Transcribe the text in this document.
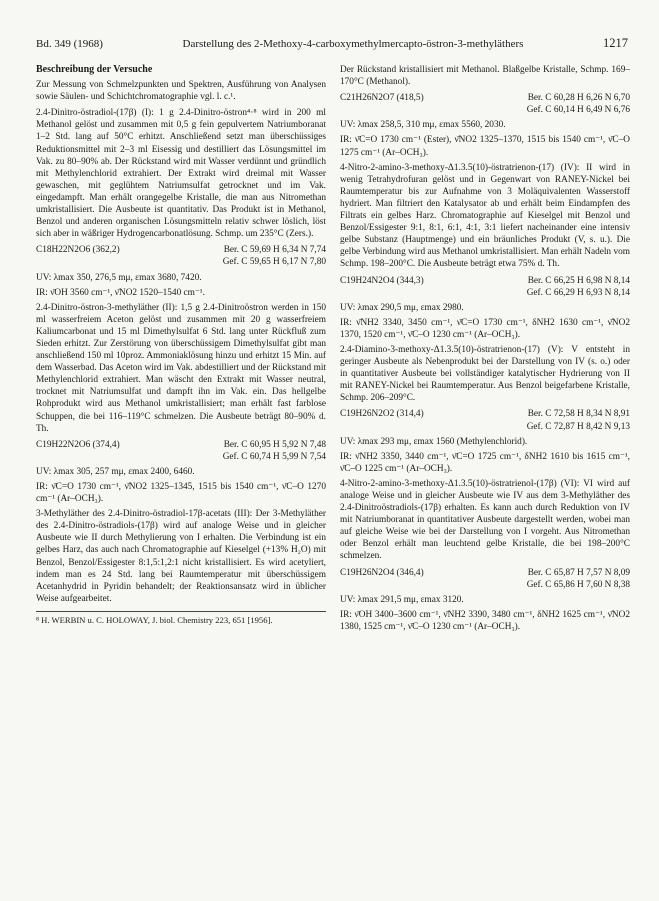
Bd. 349 (1968)	Darstellung des 2-Methoxy-4-carboxymethylmercapto-östron-3-methyläthers	1217
Beschreibung der Versuche

Zur Messung von Schmelzpunkten und Spektren, Ausführung von Analysen sowie Säulen- und Schichtchromatographie vgl. l. c.¹.

2.4-Dinitro-östradiol-(17β) (I): 1 g 2.4-Dinitro-östron⁴·⁸ wird in 200 ml Methanol gelöst und zusammen mit 0,5 g fein gepulvertem Natriumboranat 1–2 Std. lang auf 50°C erhitzt. Anschließend setzt man überschüssiges Reduktionsmittel mit 2–3 ml Eisessig und destilliert das Lösungsmittel im Vak. zu 80–90% ab. Der Rückstand wird mit Wasser verdünnt und gründlich mit Methylenchlorid extrahiert. Der Extrakt wird dreimal mit Wasser gewaschen, mit geglühtem Natriumsulfat getrocknet und im Vak. eingedampft. Man erhält orangegelbe Kristalle, die man aus Nitromethan umkristallisiert. Die Ausbeute ist quantitativ. Das Produkt ist in Methanol, Benzol und anderen organischen Lösungsmitteln relativ schwer löslich, löst sich aber in wäßriger Hydrogencarbonatlösung. Schmp. um 235°C (Zers.).

C18H22N2O6 (362,2)	Ber. C 59,69 H 6,34 N 7,74
Gef. C 59,65 H 6,17 N 7,80
UV: λmax 350, 276,5 mμ, εmax 3680, 7420.
IR: ν̄OH 3560 cm⁻¹, ν̄NO2 1520–1540 cm⁻¹.

2.4-Dinitro-östron-3-methyläther (II): 1,5 g 2.4-Dinitroöstron werden in 150 ml wasserfreiem Aceton gelöst und zusammen mit 20 g wasserfreiem Kaliumcarbonat und 15 ml Dimethylsulfat 6 Std. lang unter Rückfluß zum Sieden erhitzt. Zur Zerstörung von überschüssigem Dimethylsulfat gibt man anschließend 150 ml 10proz. Ammoniaklösung hinzu und erhitzt 15 Min. auf dem Wasserbad. Das Aceton wird im Vak. abdestilliert und der Rückstand mit Methylenchlorid extrahiert. Man wäscht den Extrakt mit Wasser neutral, trocknet mit Natriumsulfat und dampft ihn im Vak. ein. Das hellgelbe Rohprodukt wird aus Methanol umkristallisiert; man erhält fast farblose Schuppen, die bei 116–119°C schmelzen. Die Ausbeute beträgt 80–90% d. Th.

C19H22N2O6 (374,4)	Ber. C 60,95 H 5,92 N 7,48
Gef. C 60,74 H 5,99 N 7,54
UV: λmax 305, 257 mμ, εmax 2400, 6460.
IR: ν̄C=O 1730 cm⁻¹, ν̄NO2 1325–1345, 1515 bis 1540 cm⁻¹, ν̄C–O 1270 cm⁻¹ (Ar–OCH₃).

3-Methyläther des 2.4-Dinitro-östradiol-17β-acetats (III): Der 3-Methyläther des 2.4-Dinitro-östradiols-(17β) wird auf analoge Weise und in gleicher Ausbeute wie II durch Methylierung von I erhalten. Die Verbindung ist ein gelbes Harz, das auch nach Chromatographie auf Kieselgel (+13% H₂O) mit Benzol, Benzol/Essigester 8:1,5:1,2:1 nicht kristallisiert. Es wird acetyliert, indem man es 24 Std. lang bei Raumtemperatur mit überschüssigem Acetanhydrid in Pyridin behandelt; der Reaktionsansatz wird in üblicher Weise aufgearbeitet.

⁸ H. WERBIN u. C. HOLOWAY, J. biol. Chemistry 223, 651 [1956].

Der Rückstand kristallisiert mit Methanol. Blaßgelbe Kristalle, Schmp. 169–170°C (Methanol).

C21H26N2O7 (418,5)	Ber. C 60,28 H 6,26 N 6,70
Gef. C 60,14 H 6,49 N 6,76
UV: λmax 258,5, 310 mμ, εmax 5560, 2030.
IR: ν̄C=O 1730 cm⁻¹ (Ester), ν̄NO2 1325–1370, 1515 bis 1540 cm⁻¹, ν̄C–O 1275 cm⁻¹ (Ar–OCH₃).

4-Nitro-2-amino-3-methoxy-Δ1.3.5(10)-östratrienon-(17) (IV): II wird in wenig Tetrahydrofuran gelöst und in Gegenwart von RANEY-Nickel bei Raumtemperatur bis zur Aufnahme von 3 Moläquivalenten Wasserstoff hydriert. Man filtriert den Katalysator ab und erhält beim Eindampfen des Filtrats ein gelbes Harz. Chromatographie auf Kieselgel mit Benzol und Benzol/Essigester 9:1, 8:1, 6:1, 4:1, 3:1 liefert nacheinander eine intensiv gelbe Substanz (Hauptmenge) und ein bräunliches Produkt (V, s. u.). Die gelbe Verbindung wird aus Methanol umkristallisiert. Man erhält Nadeln vom Schmp. 198–200°C. Die Ausbeute beträgt etwa 75% d. Th.

C19H24N2O4 (344,3)	Ber. C 66,25 H 6,98 N 8,14
Gef. C 66,29 H 6,93 N 8,14
UV: λmax 290,5 mμ, εmax 2980.
IR: ν̄NH2 3340, 3450 cm⁻¹, ν̄C=O 1730 cm⁻¹, δNH2 1630 cm⁻¹, ν̄NO2 1370, 1520 cm⁻¹, ν̄C–O 1230 cm⁻¹ (Ar–OCH₃).

2.4-Diamino-3-methoxy-Δ1.3.5(10)-östratrienon-(17) (V): V entsteht in geringer Ausbeute als Nebenprodukt bei der Darstellung von IV (s. o.) oder in quantitativer Ausbeute bei vollständiger katalytischer Hydrierung von II mit RANEY-Nickel bei Raumtemperatur. Aus Benzol beigefarbene Kristalle, Schmp. 206–209°C.

C19H26N2O2 (314,4)	Ber. C 72,58 H 8,34 N 8,91
Gef. C 72,87 H 8,42 N 9,13
UV: λmax 293 mμ, εmax 1560 (Methylenchlorid).
IR: ν̄NH2 3350, 3440 cm⁻¹, ν̄C=O 1725 cm⁻¹, δNH2 1610 bis 1615 cm⁻¹, ν̄C–O 1225 cm⁻¹ (Ar–OCH₃).

4-Nitro-2-amino-3-methoxy-Δ1.3.5(10)-östratrienol-(17β) (VI): VI wird auf analoge Weise und in gleicher Ausbeute wie IV aus dem 3-Methyläther des 2.4-Dinitroöstradiols-(17β) erhalten. Es kann auch durch Reduktion von IV mit Natriumboranat in quantitativer Ausbeute dargestellt werden, wobei man auf gleiche Weise wie bei der Darstellung von I vorgeht. Aus Nitromethan oder Benzol erhält man leuchtend gelbe Kristalle, die bei 198–200°C schmelzen.

C19H26N2O4 (346,4)	Ber. C 65,87 H 7,57 N 8,09
Gef. C 65,86 H 7,60 N 8,38
UV: λmax 291,5 mμ, εmax 3120.
IR: ν̄OH 3400–3600 cm⁻¹, ν̄NH2 3390, 3480 cm⁻¹, δNH2 1625 cm⁻¹, ν̄NO2 1380, 1525 cm⁻¹, ν̄C–O 1230 cm⁻¹ (Ar–OCH₃).
